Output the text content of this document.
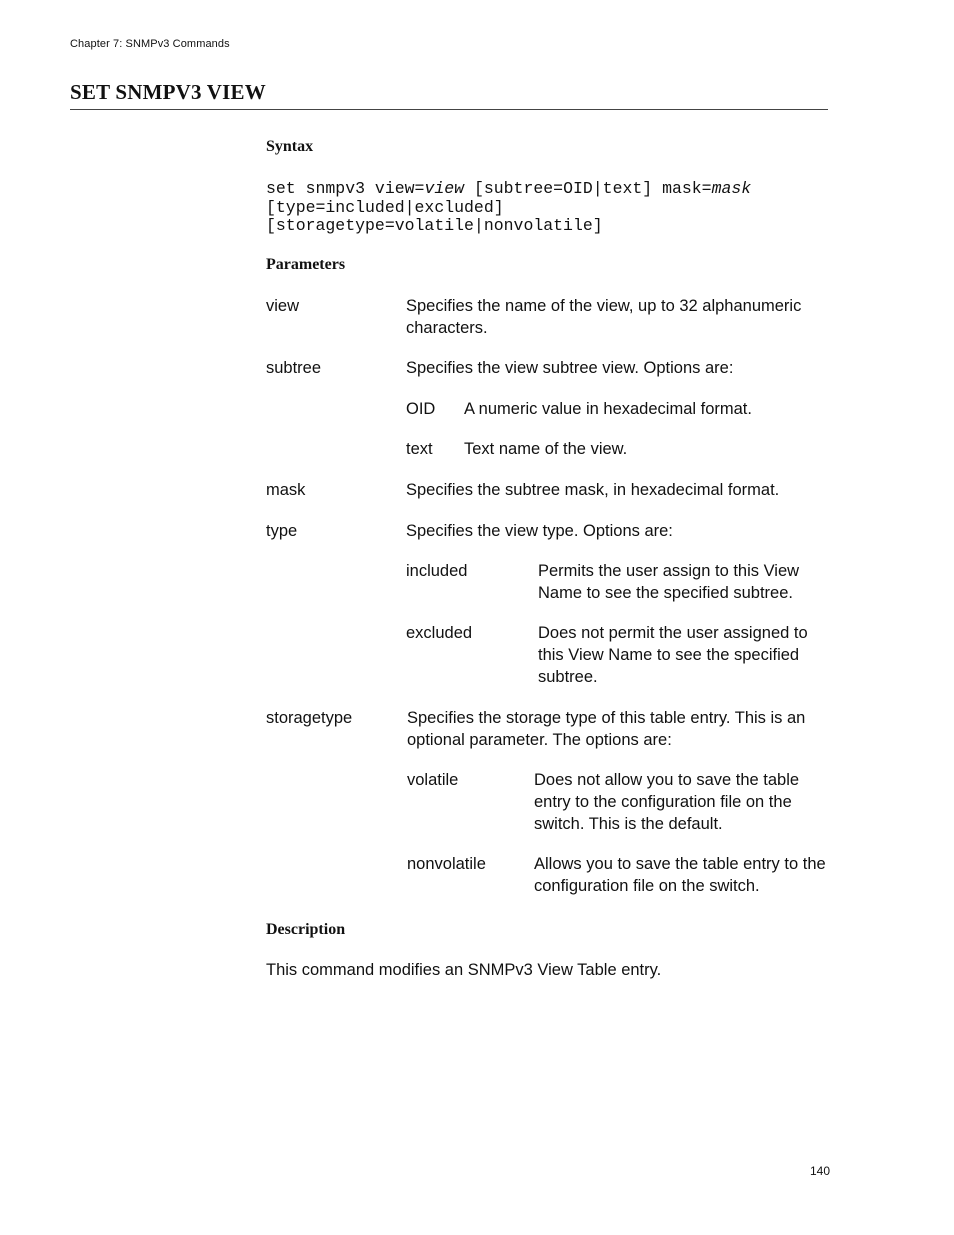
Chapter 7: SNMPv3 Commands
SET SNMPV3 VIEW
Syntax
set snmpv3 view=view [subtree=OID|text] mask=mask
[type=included|excluded]
[storagetype=volatile|nonvolatile]
Parameters
view	Specifies the name of the view, up to 32 alphanumeric characters.
subtree	Specifies the view subtree view. Options are:
OID A numeric value in hexadecimal format.
text Text name of the view.
mask	Specifies the subtree mask, in hexadecimal format.
type	Specifies the view type. Options are:
included	Permits the user assign to this View Name to see the specified subtree.
excluded	Does not permit the user assigned to this View Name to see the specified subtree.
storagetype	Specifies the storage type of this table entry. This is an optional parameter. The options are:
volatile	Does not allow you to save the table entry to the configuration file on the switch. This is the default.
nonvolatile	Allows you to save the table entry to the configuration file on the switch.
Description
This command modifies an SNMPv3 View Table entry.
140
